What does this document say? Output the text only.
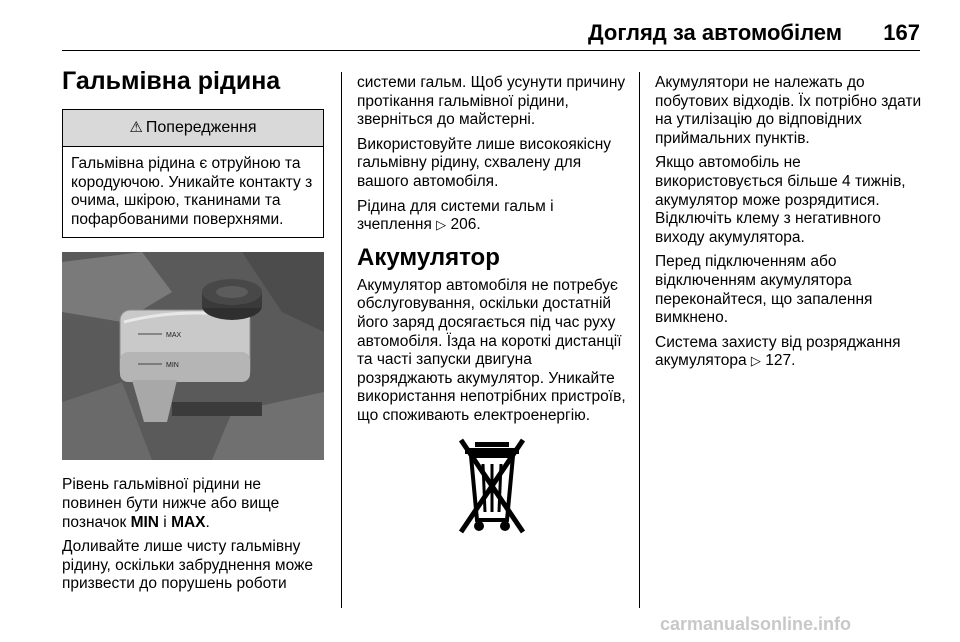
Догляд за автомобілем 167
Гальмівна рідина
⚠ Попередження
Гальмівна рідина є отруйною та кородуючою. Уникайте контакту з очима, шкірою, тканинами та пофарбованими поверхнями.
MAX
MIN

Рівень гальмівної рідини не повинен бути нижче або вище позначок MIN і MAX.

Доливайте лише чисту гальмівну рідину, оскільки забруднення може призвести до порушень роботи

системи гальм. Щоб усунути причину протікання гальмівної рідини, зверніться до майстерні.

Використовуйте лише високоякісну гальмівну рідину, схвалену для вашого автомобіля.

Рідина для системи гальм і зчеплення ▷ 206.

Акумулятор

Акумулятор автомобіля не потребує обслуговування, оскільки достатній його заряд досягається під час руху автомобіля. Їзда на короткі дистанції та часті запуски двигуна розряджають акумулятор. Уникайте використання непотрібних пристроїв, що споживають електроенергію.

Акумулятори не належать до побутових відходів. Їх потрібно здати на утилізацію до відповідних приймальних пунктів.

Якщо автомобіль не використовується більше 4 тижнів, акумулятор може розрядитися. Відключіть клему з негативного виходу акумулятора.

Перед підключенням або відключенням акумулятора переконайтеся, що запалення вимкнено.

Система захисту від розряджання акумулятора ▷ 127.

carmanualsonline.info
